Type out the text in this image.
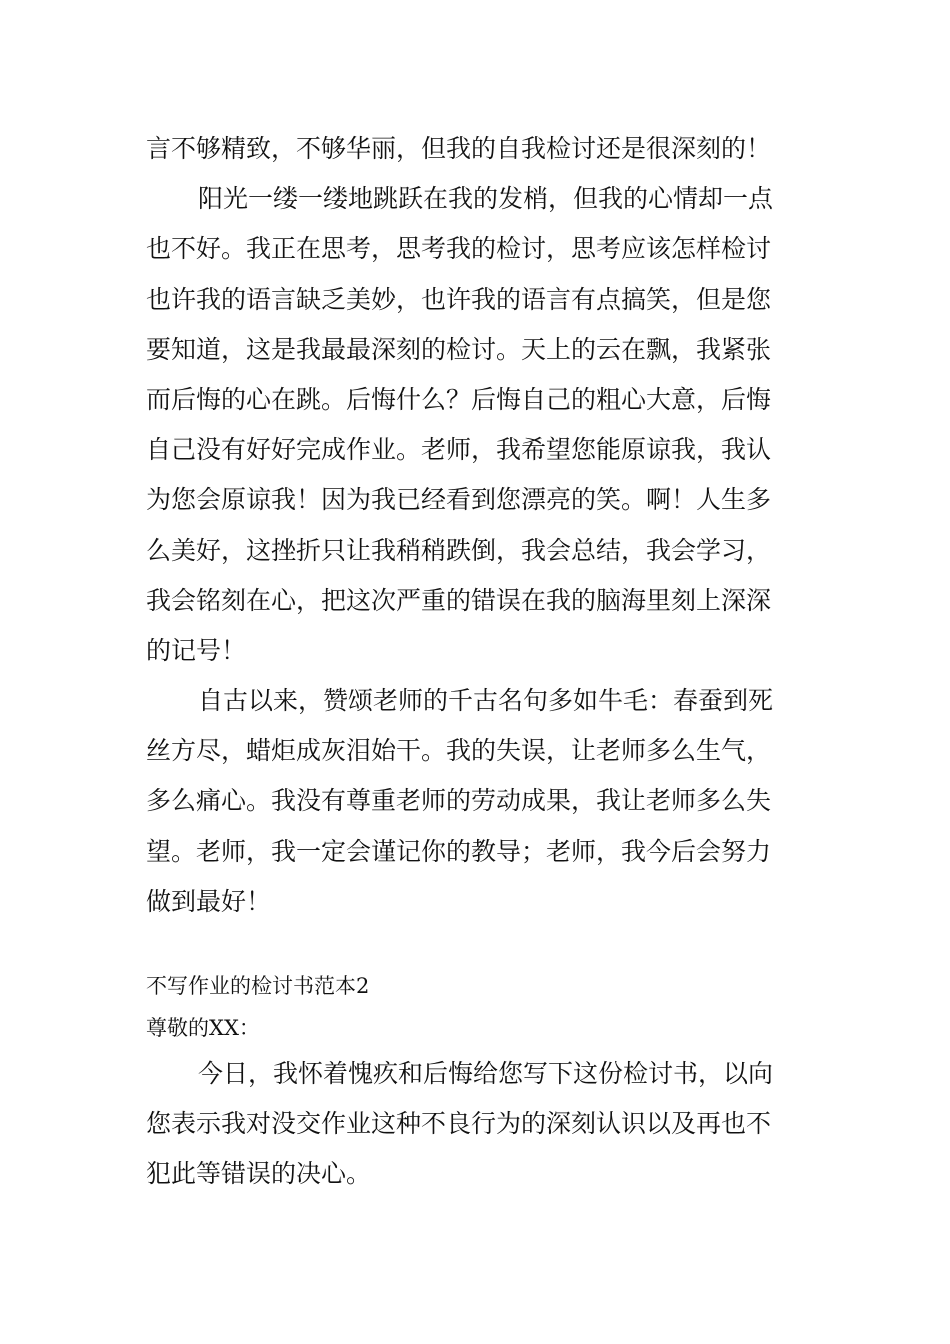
言不够精致，不够华丽，但我的自我检讨还是很深刻的！
阳光一缕一缕地跳跃在我的发梢，但我的心情却一点
也不好。我正在思考，思考我的检讨，思考应该怎样检讨
也许我的语言缺乏美妙，也许我的语言有点搞笑，但是您
要知道，这是我最最深刻的检讨。天上的云在飘，我紧张
而后悔的心在跳。后悔什么？后悔自己的粗心大意，后悔
自己没有好好完成作业。老师，我希望您能原谅我，我认
为您会原谅我！因为我已经看到您漂亮的笑。啊！人生多
么美好，这挫折只让我稍稍跌倒，我会总结，我会学习，
我会铭刻在心，把这次严重的错误在我的脑海里刻上深深
的记号！
自古以来，赞颂老师的千古名句多如牛毛：春蚕到死
丝方尽，蜡炬成灰泪始干。我的失误，让老师多么生气，
多么痛心。我没有尊重老师的劳动成果，我让老师多么失
望。老师，我一定会谨记你的教导；老师，我今后会努力
做到最好！
不写作业的检讨书范本2
尊敬的XX：
今日，我怀着愧疚和后悔给您写下这份检讨书，以向
您表示我对没交作业这种不良行为的深刻认识以及再也不
犯此等错误的决心。
